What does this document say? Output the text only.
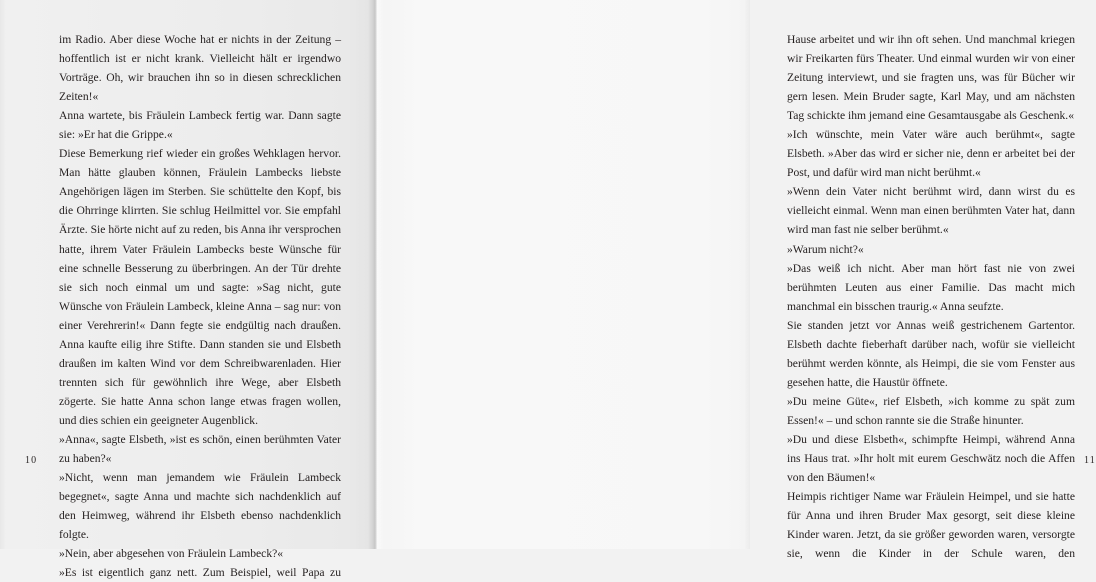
im Radio. Aber diese Woche hat er nichts in der Zeitung – hoffentlich ist er nicht krank. Vielleicht hält er irgendwo Vorträge. Oh, wir brauchen ihn so in diesen schrecklichen Zeiten!«

Anna wartete, bis Fräulein Lambeck fertig war. Dann sagte sie: »Er hat die Grippe.«

Diese Bemerkung rief wieder ein großes Wehklagen hervor. Man hätte glauben können, Fräulein Lambecks liebste Angehörigen lägen im Sterben. Sie schüttelte den Kopf, bis die Ohrringe klirrten. Sie schlug Heilmittel vor. Sie empfahl Ärzte. Sie hörte nicht auf zu reden, bis Anna ihr versprochen hatte, ihrem Vater Fräulein Lambecks beste Wünsche für eine schnelle Besserung zu überbringen. An der Tür drehte sie sich noch einmal um und sagte: »Sag nicht, gute Wünsche von Fräulein Lambeck, kleine Anna – sag nur: von einer Verehrerin!« Dann fegte sie endgültig nach draußen.

Anna kaufte eilig ihre Stifte. Dann standen sie und Elsbeth draußen im kalten Wind vor dem Schreibwarenladen. Hier trennten sich für gewöhnlich ihre Wege, aber Elsbeth zögerte. Sie hatte Anna schon lange etwas fragen wollen, und dies schien ein geeigneter Augenblick.

»Anna«, sagte Elsbeth, »ist es schön, einen berühmten Vater zu haben?«

»Nicht, wenn man jemandem wie Fräulein Lambeck begegnet«, sagte Anna und machte sich nachdenklich auf den Heimweg, während ihr Elsbeth ebenso nachdenklich folgte.

»Nein, aber abgesehen von Fräulein Lambeck?«

»Es ist eigentlich ganz nett. Zum Beispiel, weil Papa zu

10

Hause arbeitet und wir ihn oft sehen. Und manchmal kriegen wir Freikarten fürs Theater. Und einmal wurden wir von einer Zeitung interviewt, und sie fragten uns, was für Bücher wir gern lesen. Mein Bruder sagte, Karl May, und am nächsten Tag schickte ihm jemand eine Gesamtausgabe als Geschenk.«

»Ich wünschte, mein Vater wäre auch berühmt«, sagte Elsbeth. »Aber das wird er sicher nie, denn er arbeitet bei der Post, und dafür wird man nicht berühmt.«

»Wenn dein Vater nicht berühmt wird, dann wirst du es vielleicht einmal. Wenn man einen berühmten Vater hat, dann wird man fast nie selber berühmt.«

»Warum nicht?«

»Das weiß ich nicht. Aber man hört fast nie von zwei berühmten Leuten aus einer Familie. Das macht mich manchmal ein bisschen traurig.« Anna seufzte.

Sie standen jetzt vor Annas weiß gestrichenem Gartentor. Elsbeth dachte fieberhaft darüber nach, wofür sie vielleicht berühmt werden könnte, als Heimpi, die sie vom Fenster aus gesehen hatte, die Haustür öffnete.

»Du meine Güte«, rief Elsbeth, »ich komme zu spät zum Essen!« – und schon rannte sie die Straße hinunter.

»Du und diese Elsbeth«, schimpfte Heimpi, während Anna ins Haus trat. »Ihr holt mit eurem Geschwätz noch die Affen von den Bäumen!«

Heimpis richtiger Name war Fräulein Heimpel, und sie hatte für Anna und ihren Bruder Max gesorgt, seit diese kleine Kinder waren. Jetzt, da sie größer geworden waren, versorgte sie, wenn die Kinder in der Schule waren, den

11
